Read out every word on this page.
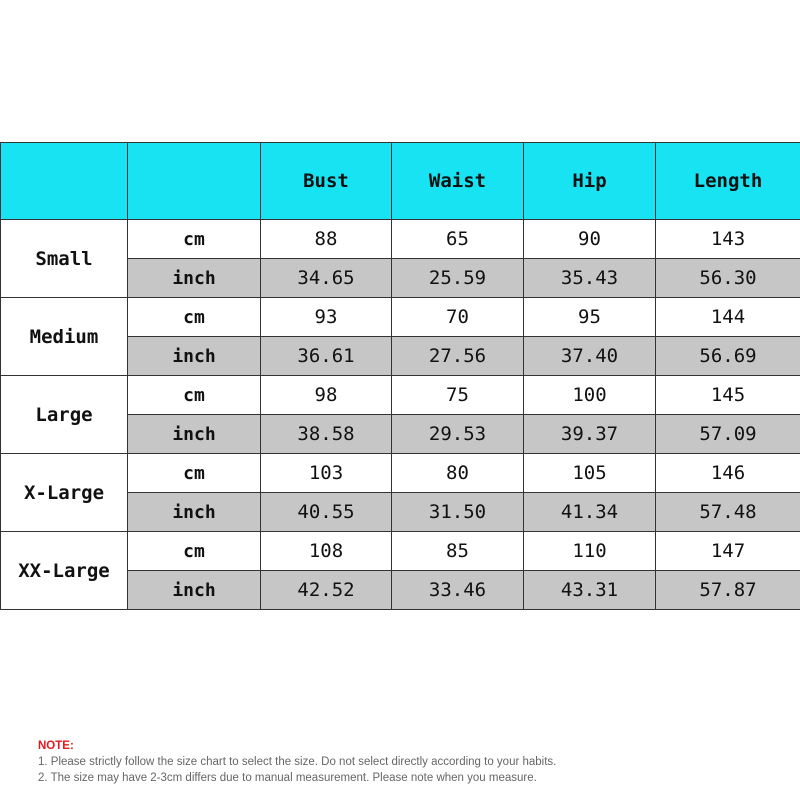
		Bust	Waist	Hip	Length
Small	cm	88	65	90	143
	inch	34.65	25.59	35.43	56.30
Medium	cm	93	70	95	144
	inch	36.61	27.56	37.40	56.69
Large	cm	98	75	100	145
	inch	38.58	29.53	39.37	57.09
X-Large	cm	103	80	105	146
	inch	40.55	31.50	41.34	57.48
XX-Large	cm	108	85	110	147
	inch	42.52	33.46	43.31	57.87
NOTE:
1. Please strictly follow the size chart to select the size. Do not select directly according to your habits.
2. The size may have 2-3cm differs due to manual measurement. Please note when you measure.
